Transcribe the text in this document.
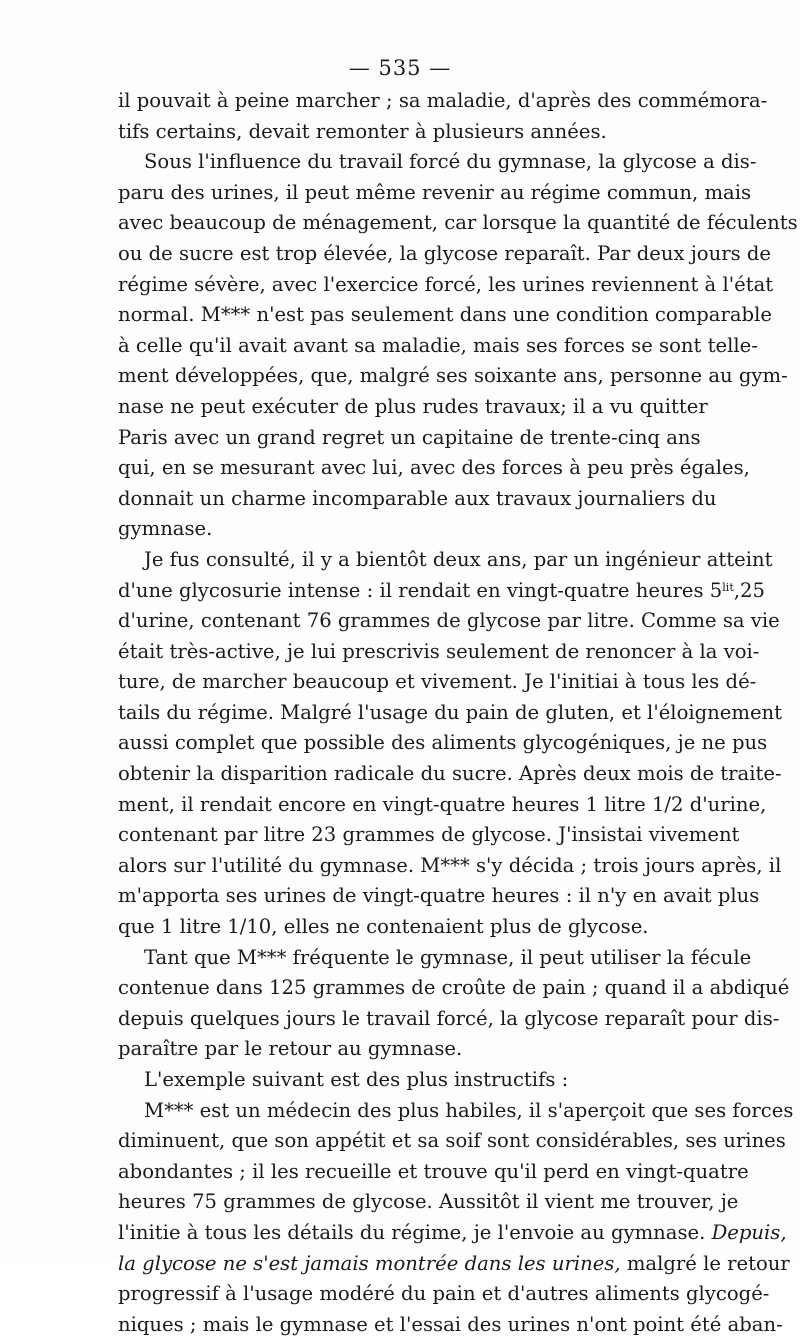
— 535 —
il pouvait à peine marcher ; sa maladie, d'après des commémora-
tifs certains, devait remonter à plusieurs années.
Sous l'influence du travail forcé du gymnase, la glycose a dis-
paru des urines, il peut même revenir au régime commun, mais
avec beaucoup de ménagement, car lorsque la quantité de féculents
ou de sucre est trop élevée, la glycose reparaît. Par deux jours de
régime sévère, avec l'exercice forcé, les urines reviennent à l'état
normal. M*** n'est pas seulement dans une condition comparable
à celle qu'il avait avant sa maladie, mais ses forces se sont telle-
ment développées, que, malgré ses soixante ans, personne au gym-
nase ne peut exécuter de plus rudes travaux; il a vu quitter
Paris avec un grand regret un capitaine de trente-cinq ans
qui, en se mesurant avec lui, avec des forces à peu près égales,
donnait un charme incomparable aux travaux journaliers du
gymnase.
Je fus consulté, il y a bientôt deux ans, par un ingénieur atteint
d'une glycosurie intense : il rendait en vingt-quatre heures $5^{lit},25$
d'urine, contenant 76 grammes de glycose par litre. Comme sa vie
était très-active, je lui prescrivis seulement de renoncer à la voi-
ture, de marcher beaucoup et vivement. Je l'initiai à tous les dé-
tails du régime. Malgré l'usage du pain de gluten, et l'éloignement
aussi complet que possible des aliments glycogéniques, je ne pus
obtenir la disparition radicale du sucre. Après deux mois de traite-
ment, il rendait encore en vingt-quatre heures 1 litre 1/2 d'urine,
contenant par litre 23 grammes de glycose. J'insistai vivement
alors sur l'utilité du gymnase. M*** s'y décida ; trois jours après, il
m'apporta ses urines de vingt-quatre heures : il n'y en avait plus
que 1 litre 1/10, elles ne contenaient plus de glycose.
Tant que M*** fréquente le gymnase, il peut utiliser la fécule
contenue dans 125 grammes de croûte de pain ; quand il a abdiqué
depuis quelques jours le travail forcé, la glycose reparaît pour dis-
paraître par le retour au gymnase.
L'exemple suivant est des plus instructifs :
M*** est un médecin des plus habiles, il s'aperçoit que ses forces
diminuent, que son appétit et sa soif sont considérables, ses urines
abondantes ; il les recueille et trouve qu'il perd en vingt-quatre
heures 75 grammes de glycose. Aussitôt il vient me trouver, je
l'initie à tous les détails du régime, je l'envoie au gymnase. Depuis,
la glycose ne s'est jamais montrée dans les urines, malgré le retour
progressif à l'usage modéré du pain et d'autres aliments glycogé-
niques ; mais le gymnase et l'essai des urines n'ont point été aban-
